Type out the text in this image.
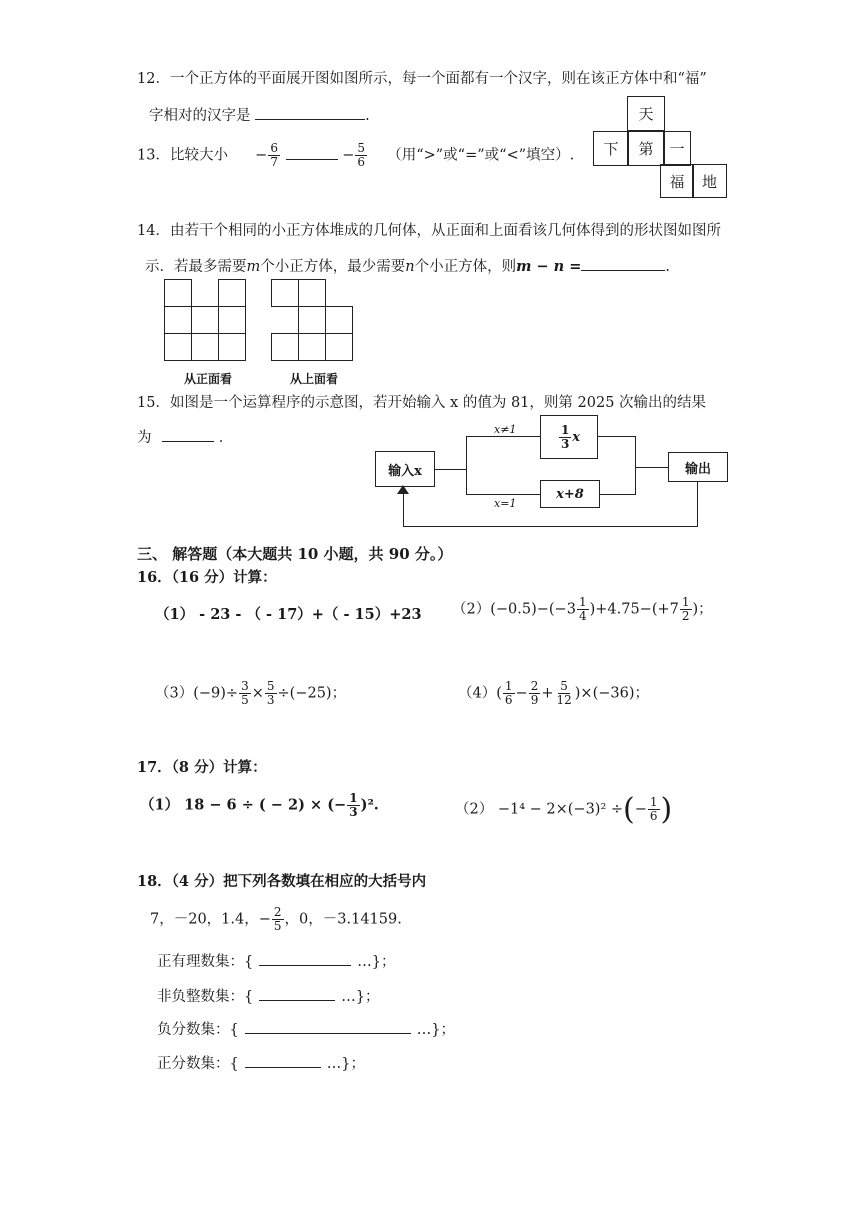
12．一个正方体的平面展开图如图所示，每一个面都有一个汉字，则在该正方体中和“福”
字相对的汉字是	.	天
下	第	一
福	地
13．比较大小 − $\frac{6}{7}$	− $\frac{5}{6}$ （用“>”或“=”或“<”填空）.
14．由若干个相同的小正方体堆成的几何体，从正面和上面看该几何体得到的形状图如图所
示．若最多需要m个小正方体，最少需要n个小正方体，则m − n =	.

从正面看

			从上面看
15．如图是一个运算程序的示意图，若开始输入 x 的值为 81，则第 2025 次输出的结果
为	．
输入x
$\frac{1}{3}$ x
x+8
输出
x≠1
x=1
三、 解答题（本大题共 10 小题，共 90 分。）
16．（16 分）计算：
（1） - 23 - （ - 17）+（ - 15）+23 $(2)(-0.5)-(-3 \frac{1}{4} )+4.75-(+7 \frac{1}{2}$ )；
$(3)(-9)\div \frac{3}{5} \times \frac{5}{3} \div(-25)$；	$(4)( \frac{1}{6} - \frac{2}{9} + \frac{5}{12} )\times(-36)$；
17．（8 分）计算：
（1） 18 − 6 ÷ ( − 2) × (− $\frac{1}{3} )^2$.	（2） −1⁴ − 2×(−3)² ÷(− $\frac{1}{6}$ )
18．（4 分）把下列各数填在相应的大括号内
7，－20，1.4，− $\frac{2}{5}$ ，0，－3.14159.
正有理数集：{	…}；
非负整数集：{	…}；
负分数集：{	…}；
正分数集：{	…}；
